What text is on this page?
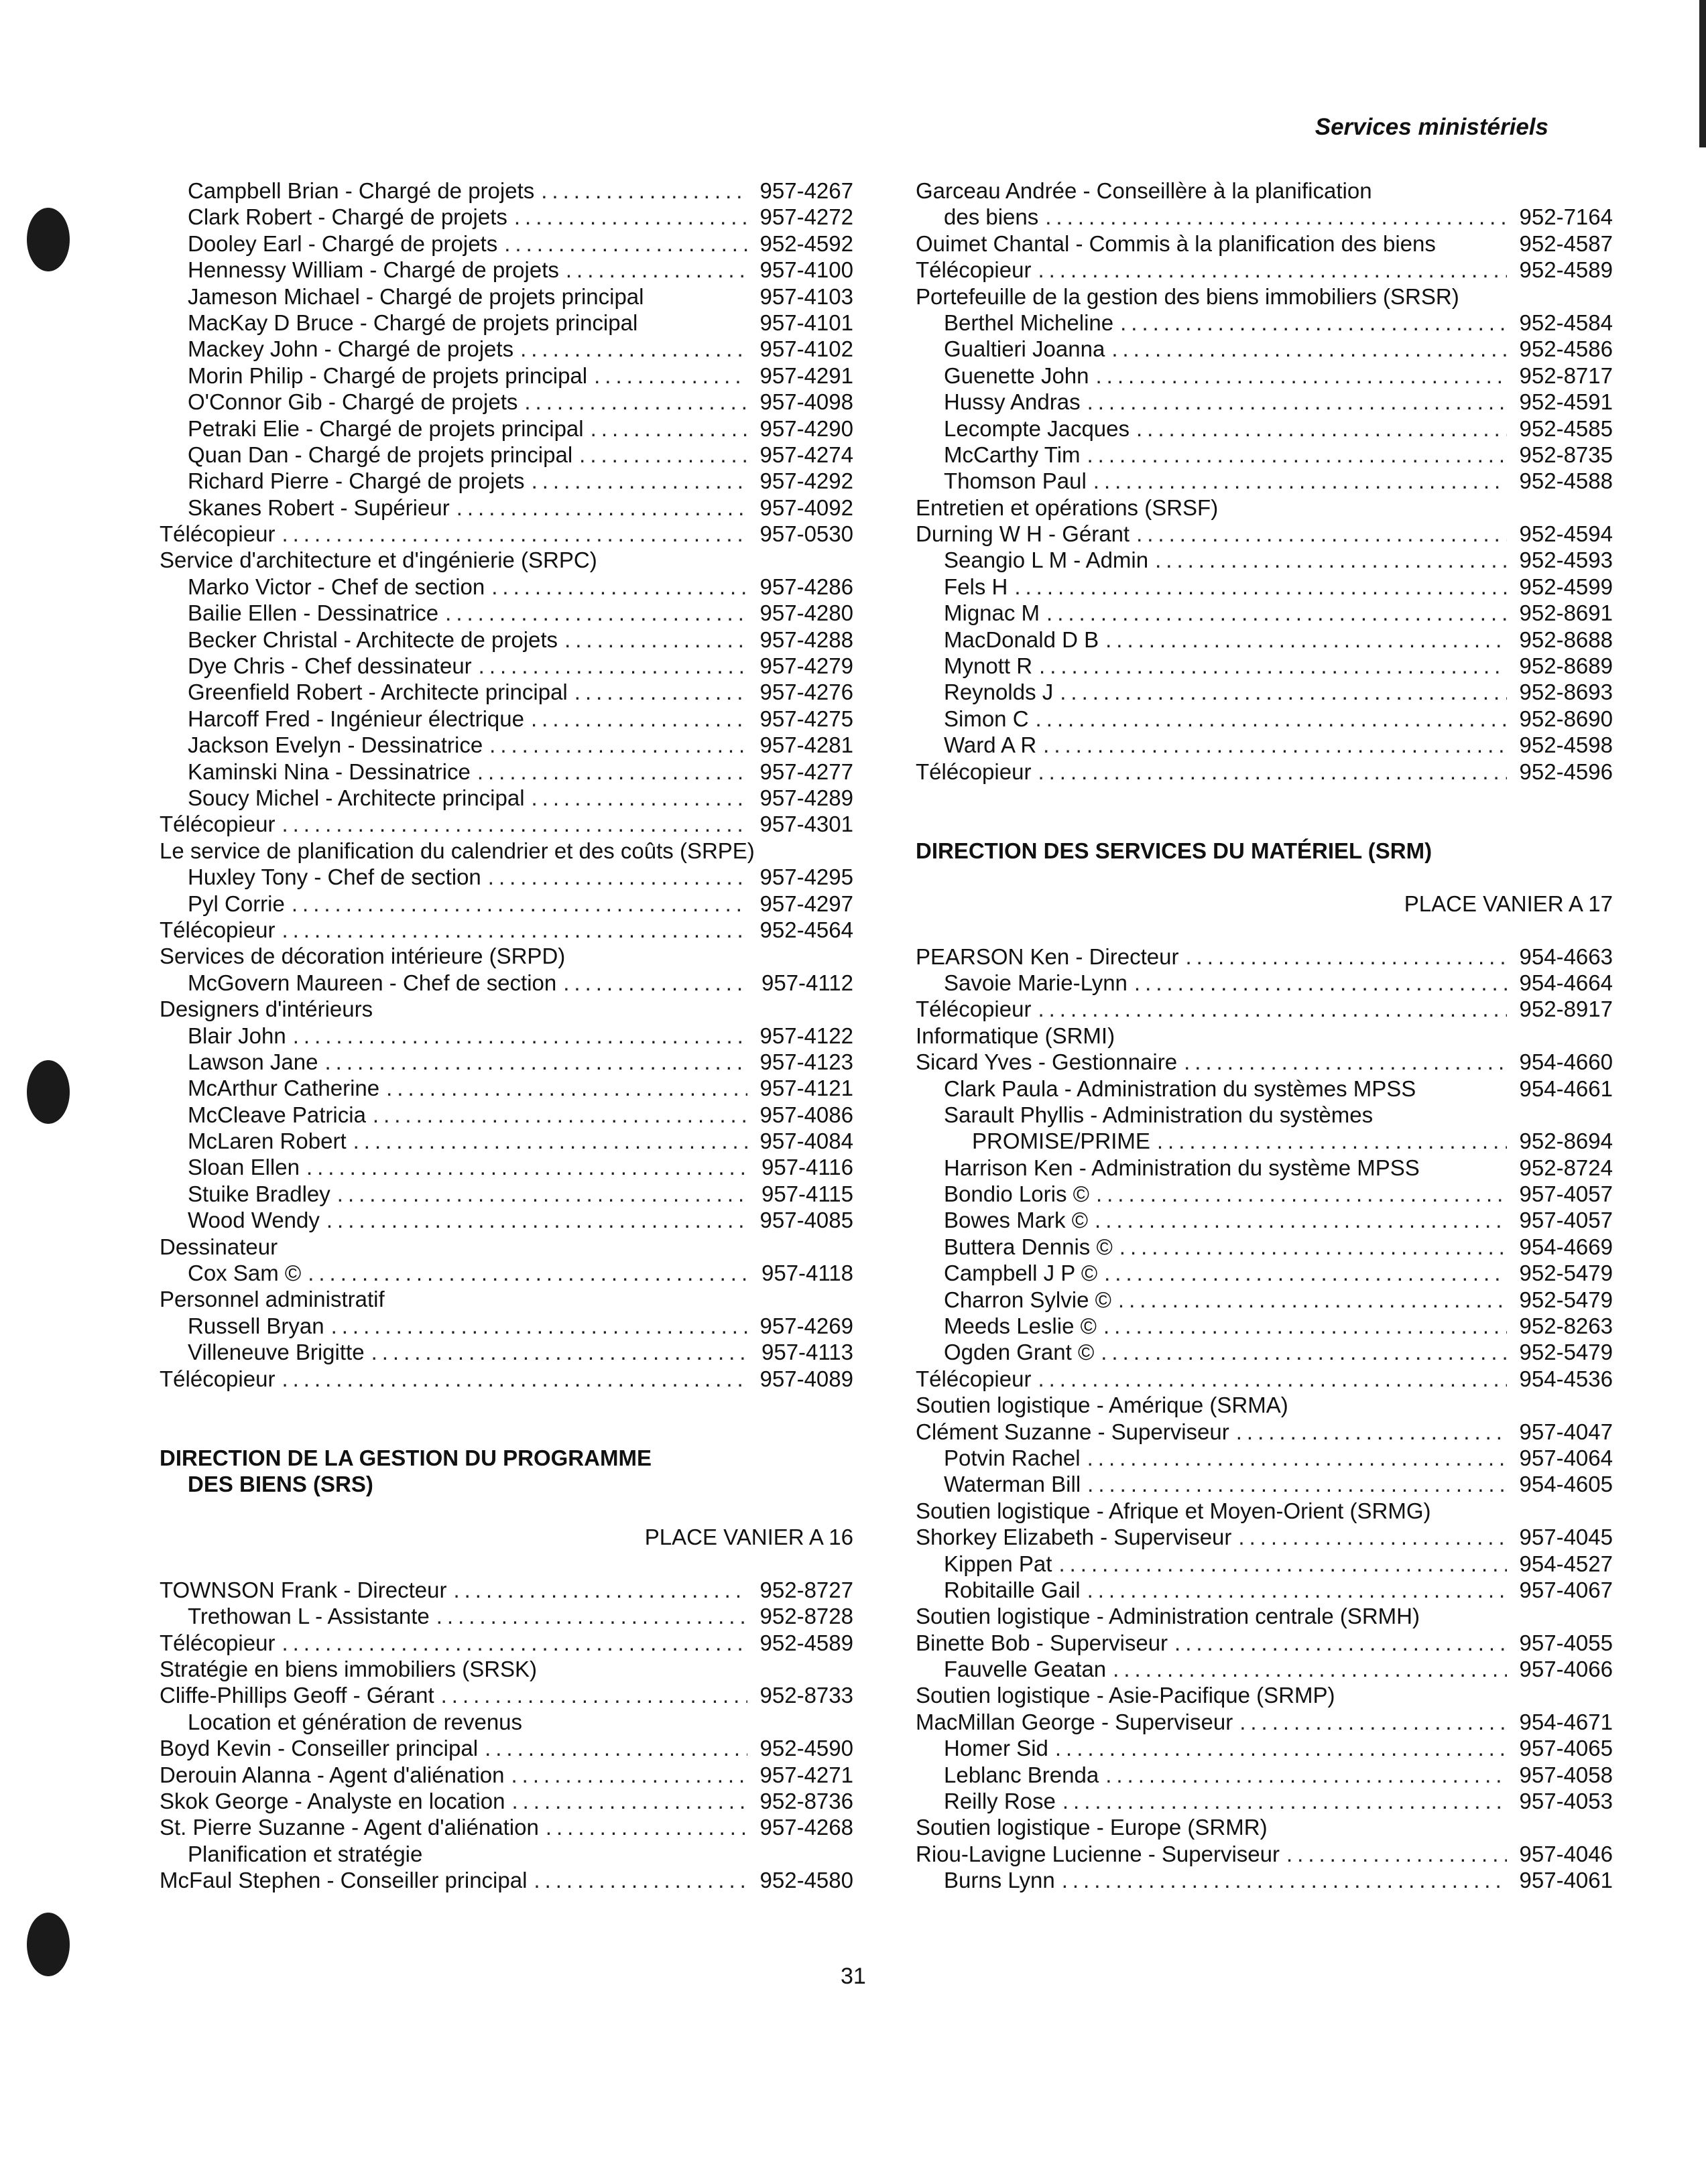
Services ministériels
Campbell Brian - Chargé de projets .....	957-4267
Clark Robert - Chargé de projets .....	957-4272
Dooley Earl - Chargé de projets .....	952-4592
Hennessy William - Chargé de projets .....	957-4100
Jameson Michael - Chargé de projets principal	957-4103
MacKay D Bruce - Chargé de projets principal	957-4101
Mackey John - Chargé de projets .....	957-4102
Morin Philip - Chargé de projets principal .....	957-4291
O'Connor Gib - Chargé de projets .....	957-4098
Petraki Elie - Chargé de projets principal .....	957-4290
Quan Dan - Chargé de projets principal .....	957-4274
Richard Pierre - Chargé de projets .....	957-4292
Skanes Robert - Supérieur .....	957-4092
Télécopieur .....	957-0530
Service d'architecture et d'ingénierie (SRPC)
Marko Victor - Chef de section .....	957-4286
Bailie Ellen - Dessinatrice .....	957-4280
Becker Christal - Architecte de projets .....	957-4288
Dye Chris - Chef dessinateur .....	957-4279
Greenfield Robert - Architecte principal .....	957-4276
Harcoff Fred - Ingénieur électrique .....	957-4275
Jackson Evelyn - Dessinatrice .....	957-4281
Kaminski Nina - Dessinatrice .....	957-4277
Soucy Michel - Architecte principal .....	957-4289
Télécopieur .....	957-4301
Le service de planification du calendrier et des coûts (SRPE)
Huxley Tony - Chef de section .....	957-4295
Pyl Corrie .....	957-4297
Télécopieur .....	952-4564
Services de décoration intérieure (SRPD)
McGovern Maureen - Chef de section .....	957-4112
Designers d'intérieurs
Blair John .....	957-4122
Lawson Jane .....	957-4123
McArthur Catherine .....	957-4121
McCleave Patricia .....	957-4086
McLaren Robert .....	957-4084
Sloan Ellen .....	957-4116
Stuike Bradley .....	957-4115
Wood Wendy .....	957-4085
Dessinateur
Cox Sam © .....	957-4118
Personnel administratif
Russell Bryan .....	957-4269
Villeneuve Brigitte .....	957-4113
Télécopieur .....	957-4089
DIRECTION DE LA GESTION DU PROGRAMME
DES BIENS (SRS)
PLACE VANIER A 16
TOWNSON Frank - Directeur .....	952-8727
Trethowan L - Assistante .....	952-8728
Télécopieur .....	952-4589
Stratégie en biens immobiliers (SRSK)
Cliffe-Phillips Geoff - Gérant .....	952-8733
Location et génération de revenus
Boyd Kevin - Conseiller principal .....	952-4590
Derouin Alanna - Agent d'aliénation .....	957-4271
Skok George - Analyste en location .....	952-8736
St. Pierre Suzanne - Agent d'aliénation .....	957-4268
Planification et stratégie
McFaul Stephen - Conseiller principal .....	952-4580
Garceau Andrée - Conseillère à la planification
des biens .....	952-7164
Ouimet Chantal - Commis à la planification des biens	952-4587
Télécopieur .....	952-4589
Portefeuille de la gestion des biens immobiliers (SRSR)
Berthel Micheline .....	952-4584
Gualtieri Joanna .....	952-4586
Guenette John .....	952-8717
Hussy Andras .....	952-4591
Lecompte Jacques .....	952-4585
McCarthy Tim .....	952-8735
Thomson Paul .....	952-4588
Entretien et opérations (SRSF)
Durning W H - Gérant .....	952-4594
Seangio L M - Admin .....	952-4593
Fels H .....	952-4599
Mignac M .....	952-8691
MacDonald D B .....	952-8688
Mynott R .....	952-8689
Reynolds J .....	952-8693
Simon C .....	952-8690
Ward A R .....	952-4598
Télécopieur .....	952-4596
DIRECTION DES SERVICES DU MATÉRIEL (SRM)
PLACE VANIER A 17
PEARSON Ken - Directeur .....	954-4663
Savoie Marie-Lynn .....	954-4664
Télécopieur .....	952-8917
Informatique (SRMI)
Sicard Yves - Gestionnaire .....	954-4660
Clark Paula - Administration du systèmes MPSS	954-4661
Sarault Phyllis - Administration du systèmes
PROMISE/PRIME .....	952-8694
Harrison Ken - Administration du système MPSS	952-8724
Bondio Loris © .....	957-4057
Bowes Mark © .....	957-4057
Buttera Dennis © .....	954-4669
Campbell J P © .....	952-5479
Charron Sylvie © .....	952-5479
Meeds Leslie © .....	952-8263
Ogden Grant © .....	952-5479
Télécopieur .....	954-4536
Soutien logistique - Amérique (SRMA)
Clément Suzanne - Superviseur .....	957-4047
Potvin Rachel .....	957-4064
Waterman Bill .....	954-4605
Soutien logistique - Afrique et Moyen-Orient (SRMG)
Shorkey Elizabeth - Superviseur .....	957-4045
Kippen Pat .....	954-4527
Robitaille Gail .....	957-4067
Soutien logistique - Administration centrale (SRMH)
Binette Bob - Superviseur .....	957-4055
Fauvelle Geatan .....	957-4066
Soutien logistique - Asie-Pacifique (SRMP)
MacMillan George - Superviseur .....	954-4671
Homer Sid .....	957-4065
Leblanc Brenda .....	957-4058
Reilly Rose .....	957-4053
Soutien logistique - Europe (SRMR)
Riou-Lavigne Lucienne - Superviseur .....	957-4046
Burns Lynn .....	957-4061
31
